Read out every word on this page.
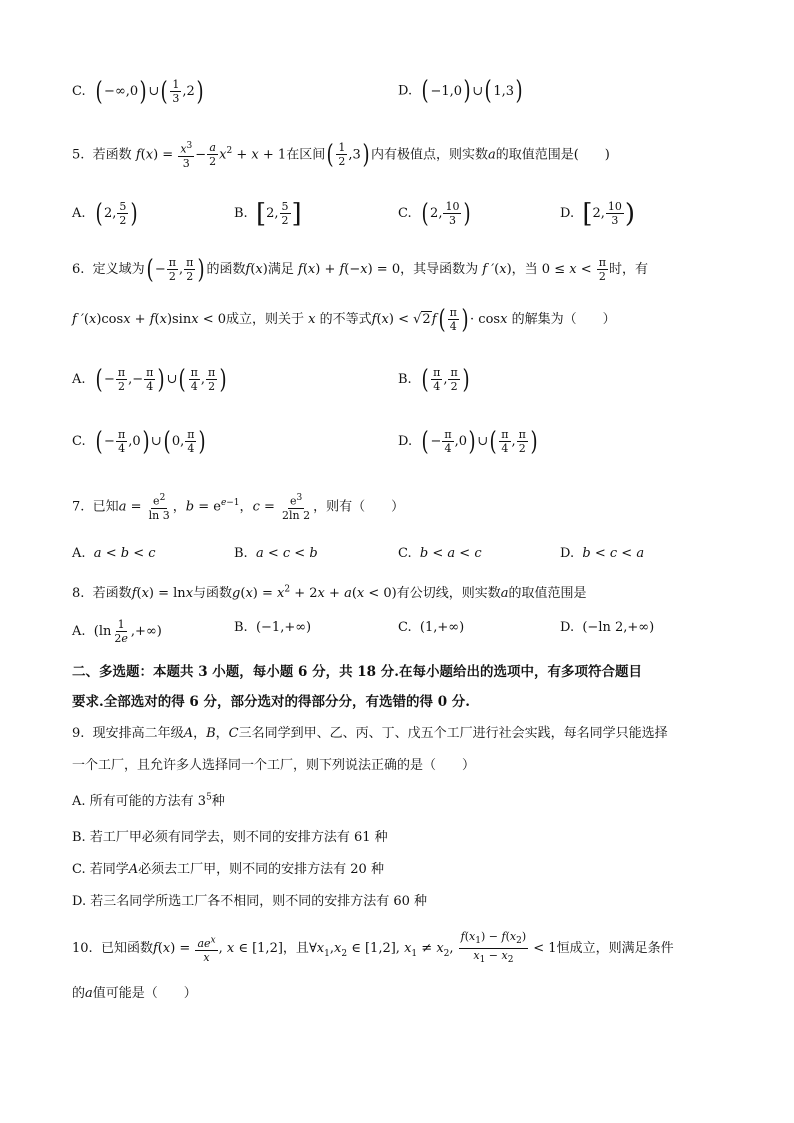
C. ( −∞,0) ∪( $\frac{1}{3} ,2$)	D. ( −1,0) ∪( 1,3)
5. 若函数 $f(x) = \frac{x^3}{3} - \frac{a}{2} x^2 + x + 1$在区间( $\frac{1}{2} ,3$) 内有极值点，则实数a的取值范围是(　　)
A. ( 2, $\frac{5}{2}$ )	B. [2, $\frac{5}{2}$ ]	C. ( 2, $\frac{10}{3}$ )	D. [2, $\frac{10}{3}$ )
6. 定义域为( − $\frac{\pi}{2}$ , $\frac{\pi}{2}$ ) 的函数f(x)满足 f(x) + f(−x) = 0，其导函数为 f ′(x)，当 $0 \le x < \frac{\pi}{2}$ 时，有
f ′(x)cosx + f(x)sinx < 0成立，则关于 x 的不等式$f(x) < √2f( \frac{\pi}{4}$ ) · cosx 的解集为（　　）
A. ( − $\frac{\pi}{2}$ ,− $\frac{\pi}{4}$ ) ∪( $\frac{\pi}{4}$ , $\frac{\pi}{2}$ )	B. ( $\frac{\pi}{4}$ , $\frac{\pi}{2}$ )
C. ( − $\frac{\pi}{4} ,0$) ∪( 0, $\frac{\pi}{4}$ )	D. ( − $\frac{\pi}{4} ,0$) ∪( $\frac{\pi}{4}$ , $\frac{\pi}{2}$ )
7. 已知$a = \frac{e^2}{\ln 3}$ ，$b = e^{e-1}$，$c = \frac{e^3}{2\ln 2}$ ，则有（　　）
A. a < b < c	B. a < c < b	C. b < a < c	D. b < c < a
8. 若函数f(x) = lnx与函数$g(x) = x^2 + 2x + a(x < 0)$有公切线，则实数a的取值范围是
A.  ($\ln \frac{1}{2e}$ ,+∞)	B.  (−1,+∞)	C.  (1,+∞)	D.  (−ln 2,+∞)
二、多选题：本题共 3 小题，每小题 6 分，共 18 分.在每小题给出的选项中，有多项符合题目
要求.全部选对的得 6 分，部分选对的得部分分，有选错的得 0 分.
9. 现安排高二年级A，B，C三名同学到甲、乙、丙、丁、戊五个工厂进行社会实践，每名同学只能选择
一个工厂，且允许多人选择同一个工厂，则下列说法正确的是（　　）
A. 所有可能的方法有 $3^5$种
B. 若工厂甲必须有同学去，则不同的安排方法有 61 种
C. 若同学A必须去工厂甲，则不同的安排方法有 20 种
D. 若三名同学所选工厂各不相同，则不同的安排方法有 60 种
10. 已知函数$f(x) = \frac{ae^x}{x}$ , x ∈ [1,2]，且$\forall x_1,x_2$ ∈ [1,2], $x_1 \ne x_2$, $\frac{f(x_1) - f(x_2)}{x_1 - x_2} < 1$恒成立，则满足条件
的a值可能是（　　）
